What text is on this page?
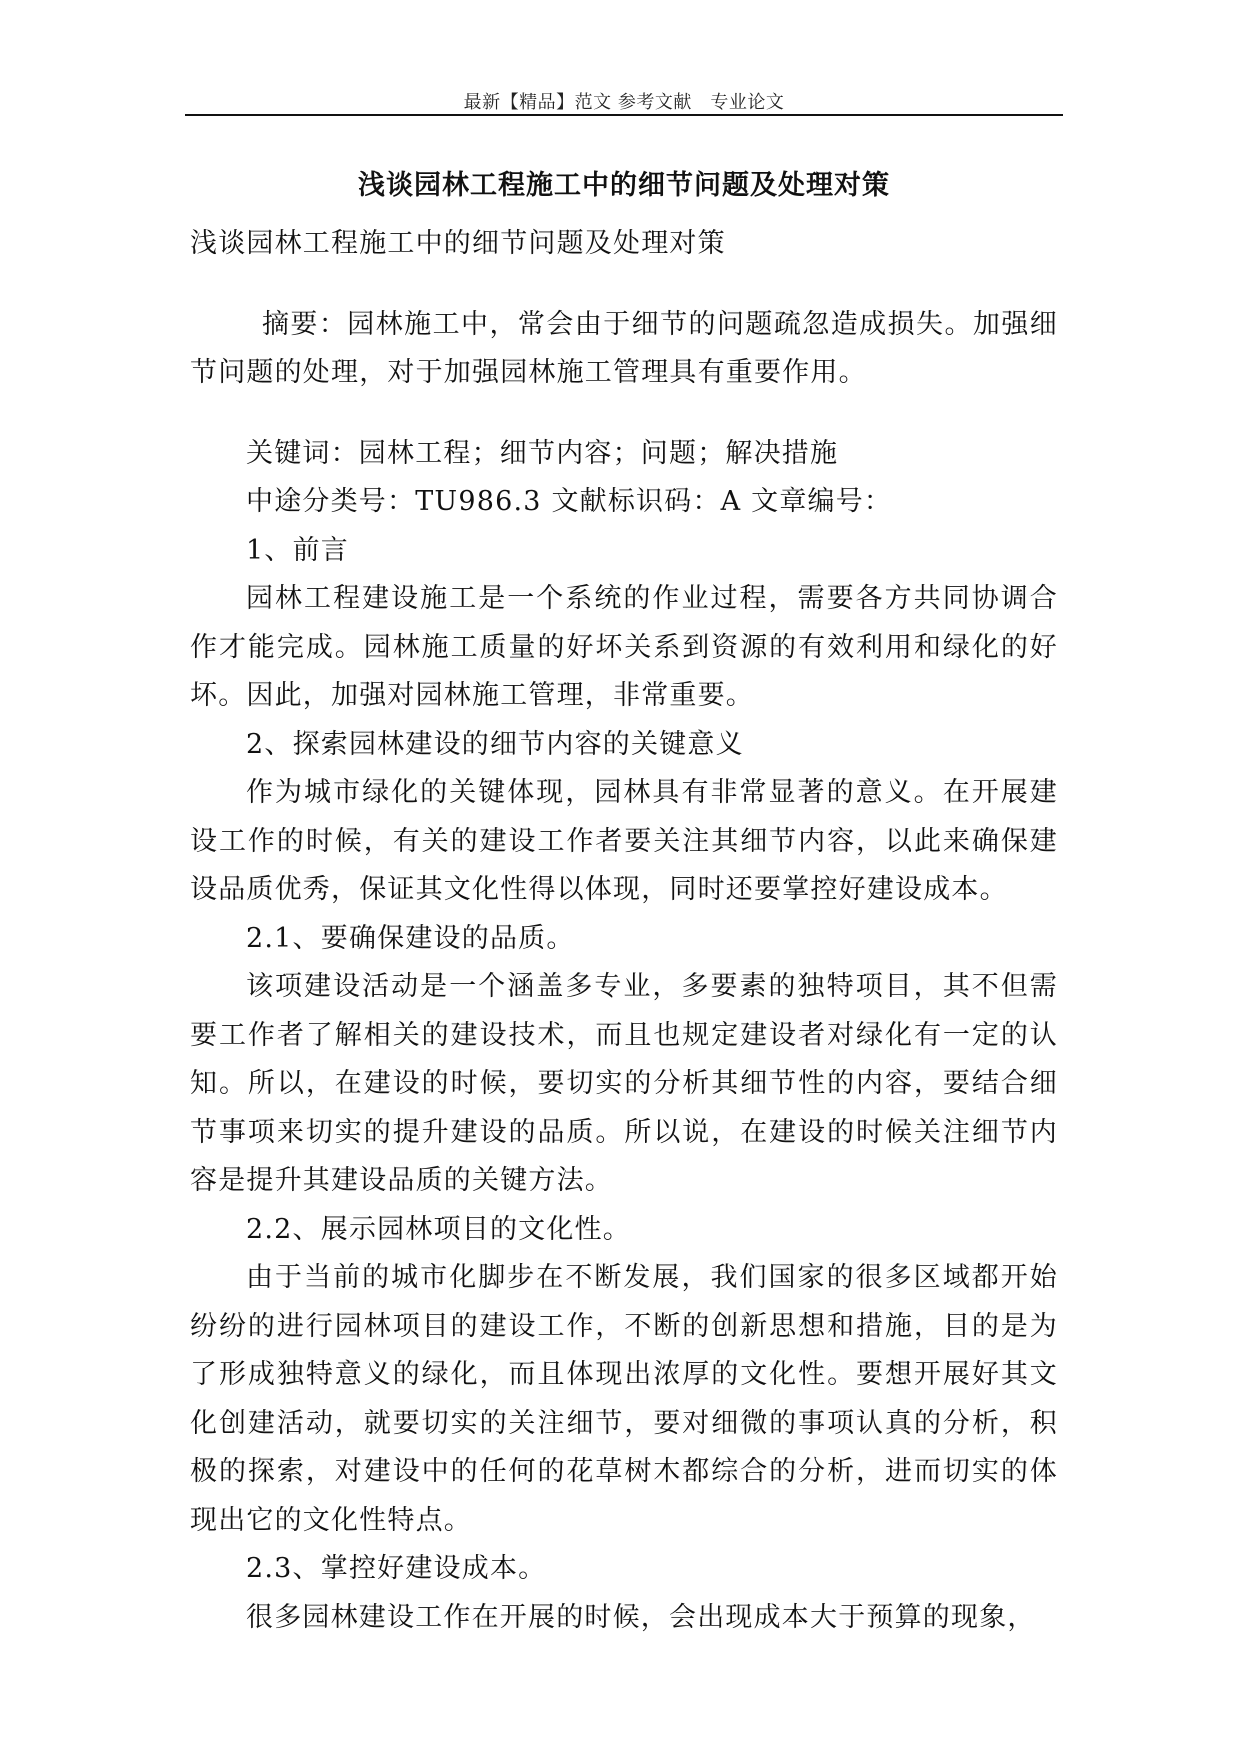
最新【精品】范文 参考文献　专业论文
浅谈园林工程施工中的细节问题及处理对策

浅谈园林工程施工中的细节问题及处理对策

摘要：园林施工中，常会由于细节的问题疏忽造成损失。加强细节问题的处理，对于加强园林施工管理具有重要作用。

关键词：园林工程；细节内容；问题；解决措施

中途分类号：TU986.3 文献标识码：A 文章编号：

1、前言

园林工程建设施工是一个系统的作业过程，需要各方共同协调合作才能完成。园林施工质量的好坏关系到资源的有效利用和绿化的好坏。因此，加强对园林施工管理，非常重要。

2、探索园林建设的细节内容的关键意义

作为城市绿化的关键体现，园林具有非常显著的意义。在开展建设工作的时候，有关的建设工作者要关注其细节内容，以此来确保建设品质优秀，保证其文化性得以体现，同时还要掌控好建设成本。

2.1、要确保建设的品质。

该项建设活动是一个涵盖多专业，多要素的独特项目，其不但需要工作者了解相关的建设技术，而且也规定建设者对绿化有一定的认知。所以，在建设的时候，要切实的分析其细节性的内容，要结合细节事项来切实的提升建设的品质。所以说，在建设的时候关注细节内容是提升其建设品质的关键方法。

2.2、展示园林项目的文化性。

由于当前的城市化脚步在不断发展，我们国家的很多区域都开始纷纷的进行园林项目的建设工作，不断的创新思想和措施，目的是为了形成独特意义的绿化，而且体现出浓厚的文化性。要想开展好其文化创建活动，就要切实的关注细节，要对细微的事项认真的分析，积极的探索，对建设中的任何的花草树木都综合的分析，进而切实的体现出它的文化性特点。

2.3、掌控好建设成本。

很多园林建设工作在开展的时候，会出现成本大于预算的现象，
